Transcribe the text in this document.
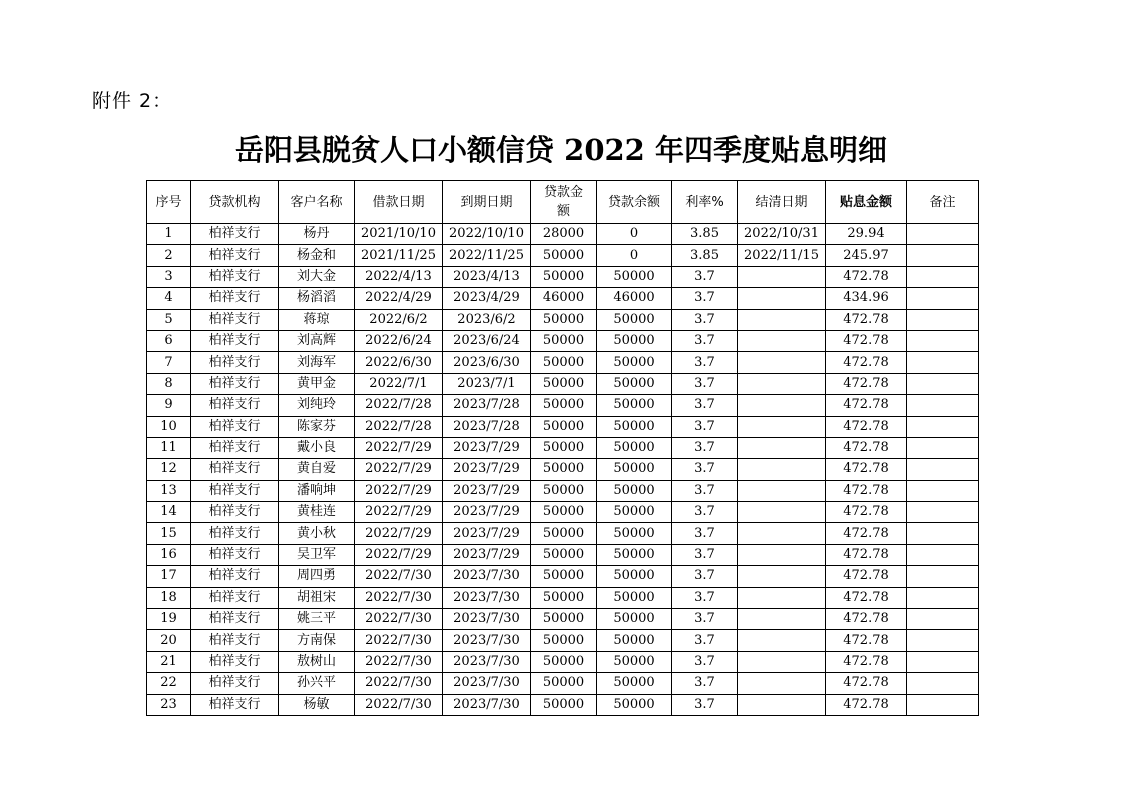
附件 2：
岳阳县脱贫人口小额信贷 2022 年四季度贴息明细
序号	贷款机构	客户名称	借款日期	到期日期	贷款金额	贷款余额	利率%	结清日期	贴息金额	备注
1	柏祥支行	杨丹	2021/10/10	2022/10/10	28000	0	3.85	2022/10/31	29.94	
2	柏祥支行	杨金和	2021/11/25	2022/11/25	50000	0	3.85	2022/11/15	245.97	
3	柏祥支行	刘大金	2022/4/13	2023/4/13	50000	50000	3.7		472.78	
4	柏祥支行	杨滔滔	2022/4/29	2023/4/29	46000	46000	3.7		434.96	
5	柏祥支行	蒋琼	2022/6/2	2023/6/2	50000	50000	3.7		472.78	
6	柏祥支行	刘高辉	2022/6/24	2023/6/24	50000	50000	3.7		472.78	
7	柏祥支行	刘海军	2022/6/30	2023/6/30	50000	50000	3.7		472.78	
8	柏祥支行	黄甲金	2022/7/1	2023/7/1	50000	50000	3.7		472.78	
9	柏祥支行	刘纯玲	2022/7/28	2023/7/28	50000	50000	3.7		472.78	
10	柏祥支行	陈家芬	2022/7/28	2023/7/28	50000	50000	3.7		472.78	
11	柏祥支行	戴小良	2022/7/29	2023/7/29	50000	50000	3.7		472.78	
12	柏祥支行	黄自爱	2022/7/29	2023/7/29	50000	50000	3.7		472.78	
13	柏祥支行	潘响坤	2022/7/29	2023/7/29	50000	50000	3.7		472.78	
14	柏祥支行	黄桂连	2022/7/29	2023/7/29	50000	50000	3.7		472.78	
15	柏祥支行	黄小秋	2022/7/29	2023/7/29	50000	50000	3.7		472.78	
16	柏祥支行	吴卫军	2022/7/29	2023/7/29	50000	50000	3.7		472.78	
17	柏祥支行	周四勇	2022/7/30	2023/7/30	50000	50000	3.7		472.78	
18	柏祥支行	胡祖宋	2022/7/30	2023/7/30	50000	50000	3.7		472.78	
19	柏祥支行	姚三平	2022/7/30	2023/7/30	50000	50000	3.7		472.78	
20	柏祥支行	方南保	2022/7/30	2023/7/30	50000	50000	3.7		472.78	
21	柏祥支行	敖树山	2022/7/30	2023/7/30	50000	50000	3.7		472.78	
22	柏祥支行	孙兴平	2022/7/30	2023/7/30	50000	50000	3.7		472.78	
23	柏祥支行	杨敏	2022/7/30	2023/7/30	50000	50000	3.7		472.78	
